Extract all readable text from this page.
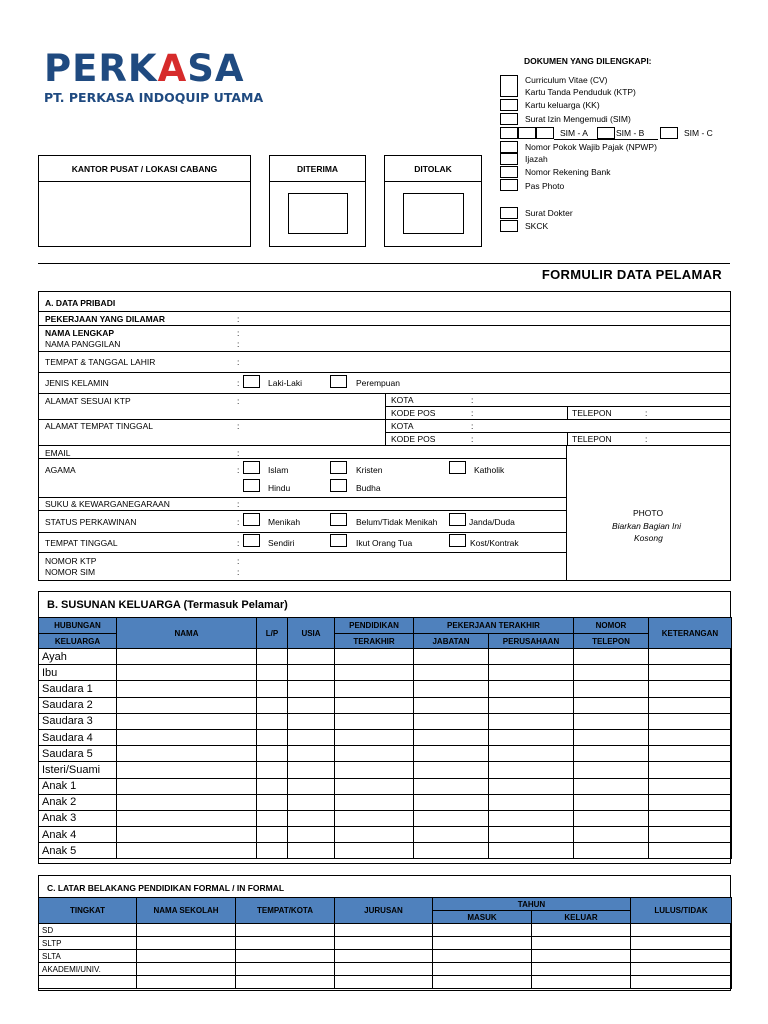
PERKASA
PT. PERKASA INDOQUIP UTAMA
DOKUMEN YANG DILENGKAPI:
Curriculum Vitae (CV)
Kartu Tanda Penduduk (KTP)
Kartu keluarga (KK)
Surat Izin Mengemudi (SIM)
SIM - A	SIM - B	SIM - C
Nomor Pokok Wajib Pajak (NPWP)
Ijazah
Nomor Rekening Bank
Pas Photo
Surat Dokter
SKCK
KANTOR PUSAT / LOKASI CABANG	DITERIMA	DITOLAK
FORMULIR DATA PELAMAR
A. DATA PRIBADI
PEKERJAAN YANG DILAMAR	:
NAMA LENGKAP	:
NAMA PANGGILAN	:
TEMPAT & TANGGAL LAHIR	:
JENIS KELAMIN	:	Laki-Laki	Perempuan
ALAMAT SESUAI KTP	:	KOTA	:
KODE POS	:	TELEPON	:
ALAMAT TEMPAT TINGGAL	:	KOTA	:
KODE POS	:	TELEPON	:
EMAIL	:
AGAMA	:	Islam	Kristen	Katholik
Hindu	Budha
SUKU & KEWARGANEGARAAN	:
STATUS PERKAWINAN	:	Menikah	Belum/Tidak Menikah	Janda/Duda
TEMPAT TINGGAL	:	Sendiri	Ikut Orang Tua	Kost/Kontrak
NOMOR KTP	:
NOMOR SIM	:
PHOTO
Biarkan Bagian Ini
Kosong
B. SUSUNAN KELUARGA (Termasuk Pelamar)
HUBUNGAN	NAMA	L/P	USIA	PENDIDIKAN	PEKERJAAN TERAKHIR		NOMOR	KETERANGAN
KELUARGA				TERAKHIR	JABATAN	PERUSAHAAN	TELEPON	
Ayah								
Ibu								
Saudara 1								
Saudara 2								
Saudara 3								
Saudara 4								
Saudara 5								
Isteri/Suami								
Anak 1								
Anak 2								
Anak 3								
Anak 4								
Anak 5								
C. LATAR BELAKANG PENDIDIKAN FORMAL / IN FORMAL
TINGKAT	NAMA SEKOLAH	TEMPAT/KOTA	JURUSAN	TAHUN		LULUS/TIDAK
				MASUK	KELUAR	
SD						
SLTP						
SLTA						
AKADEMI/UNIV.						
